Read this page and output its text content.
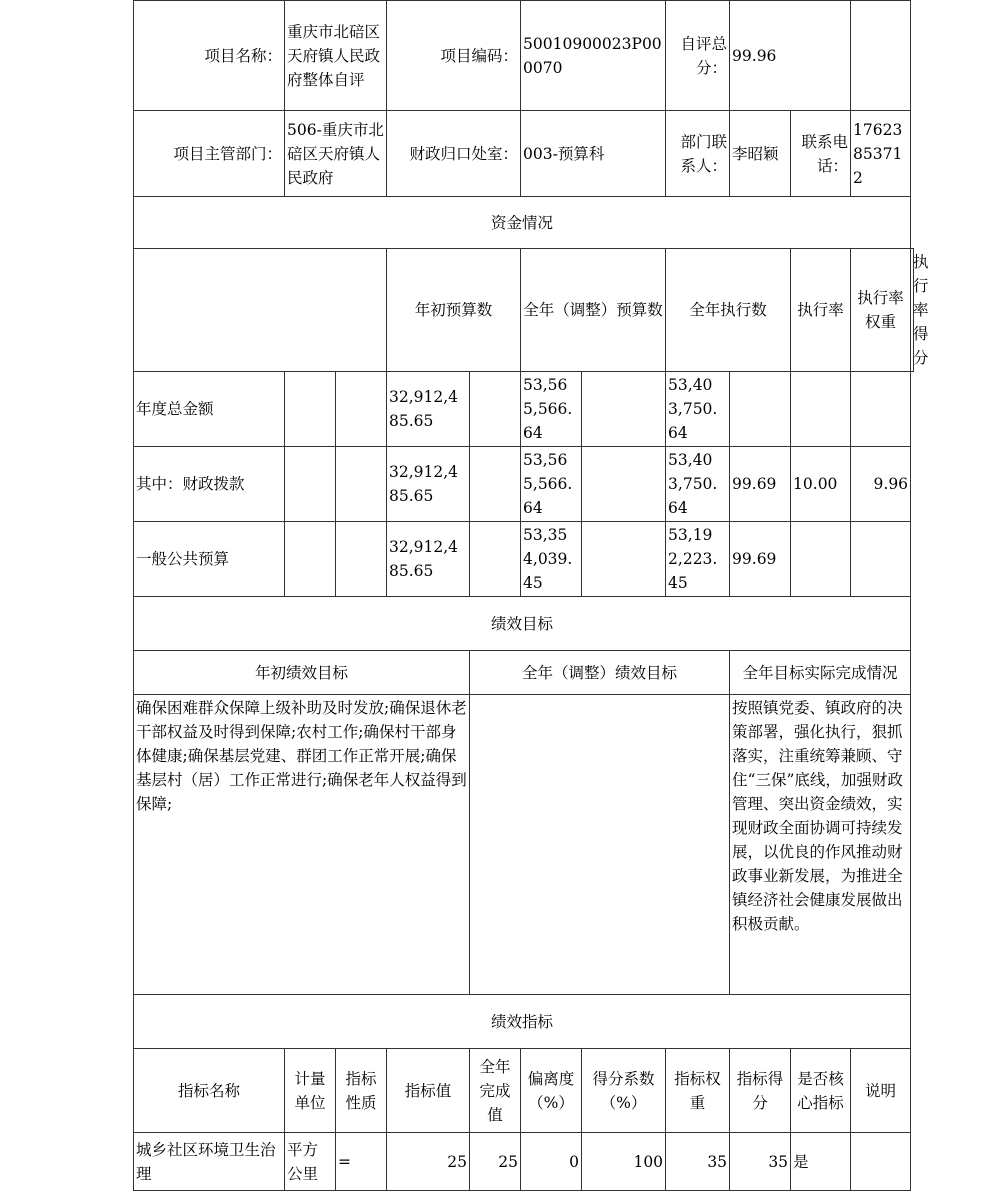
项目名称：	重庆市北碚区天府镇人民政府整体自评		项目编码：		50010900023P000070		自评总分：	99.96			
项目主管部门：	506-重庆市北碚区天府镇人民政府		财政归口处室：		003-预算科		部门联系人：	李昭颖	联系电话：	17623853712	
资金情况											
			年初预算数		全年（调整）预算数		全年执行数		执行率	执行率权重	执行率得分
年度总金额			32,912,485.65		53,565,566.64		53,403,750.64				
其中：财政拨款			32,912,485.65		53,565,566.64		53,403,750.64	99.69	10.00	9.96	
一般公共预算			32,912,485.65		53,354,039.45		53,192,223.45	99.69			
绩效目标											
年初绩效目标				全年（调整）绩效目标				全年目标实际完成情况			
确保困难群众保障上级补助及时发放;确保退休老干部权益及时得到保障;农村工作;确保村干部身体健康;确保基层党建、群团工作正常开展;确保基层村（居）工作正常进行;确保老年人权益得到保障;								按照镇党委、镇政府的决策部署，强化执行，狠抓落实，注重统筹兼顾、守住“三保”底线，加强财政管理、突出资金绩效，实现财政全面协调可持续发展，以优良的作风推动财政事业新发展，为推进全镇经济社会健康发展做出积极贡献。			
绩效指标											
指标名称	计量单位	指标性质	指标值	全年完成值	偏离度（%）	得分系数（%）	指标权重	指标得分	是否核心指标	说明	
城乡社区环境卫生治理	平方公里	=	25	25	0	100	35	35	是		
